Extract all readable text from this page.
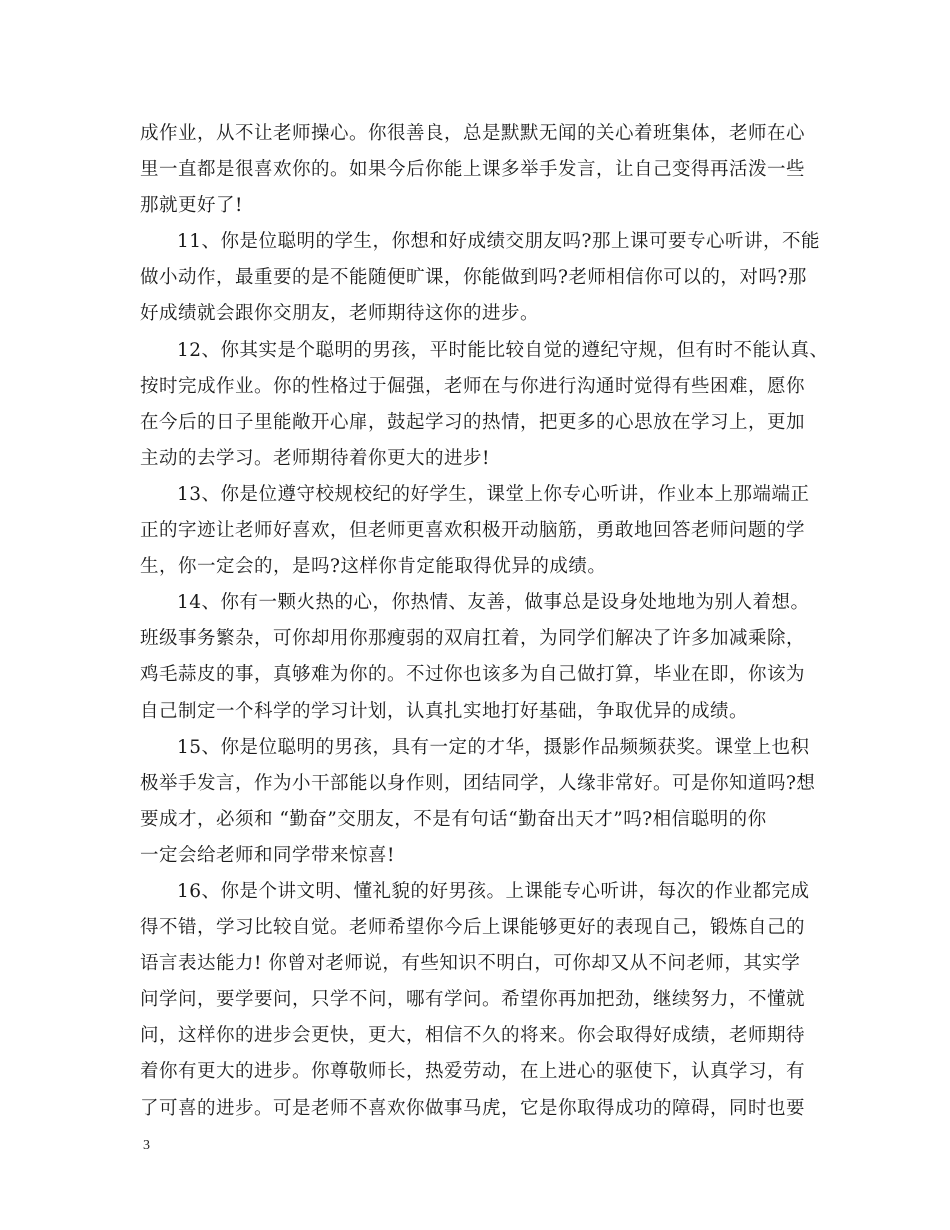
成作业，从不让老师操心。你很善良，总是默默无闻的关心着班集体，老师在心
里一直都是很喜欢你的。如果今后你能上课多举手发言，让自己变得再活泼一些
那就更好了!
11、你是位聪明的学生，你想和好成绩交朋友吗?那上课可要专心听讲，不能
做小动作，最重要的是不能随便旷课，你能做到吗?老师相信你可以的，对吗?那
好成绩就会跟你交朋友，老师期待这你的进步。
12、你其实是个聪明的男孩，平时能比较自觉的遵纪守规，但有时不能认真、
按时完成作业。你的性格过于倔强，老师在与你进行沟通时觉得有些困难，愿你
在今后的日子里能敞开心扉，鼓起学习的热情，把更多的心思放在学习上，更加
主动的去学习。老师期待着你更大的进步!
13、你是位遵守校规校纪的好学生，课堂上你专心听讲，作业本上那端端正
正的字迹让老师好喜欢，但老师更喜欢积极开动脑筋，勇敢地回答老师问题的学
生，你一定会的，是吗?这样你肯定能取得优异的成绩。
14、你有一颗火热的心，你热情、友善，做事总是设身处地地为别人着想。
班级事务繁杂，可你却用你那瘦弱的双肩扛着，为同学们解决了许多加减乘除，
鸡毛蒜皮的事，真够难为你的。不过你也该多为自己做打算，毕业在即，你该为
自己制定一个科学的学习计划，认真扎实地打好基础，争取优异的成绩。
15、你是位聪明的男孩，具有一定的才华，摄影作品频频获奖。课堂上也积
极举手发言，作为小干部能以身作则，团结同学，人缘非常好。可是你知道吗?想
要成才，必须和 “勤奋”交朋友，不是有句话“勤奋出天才”吗?相信聪明的你
一定会给老师和同学带来惊喜!
16、你是个讲文明、懂礼貌的好男孩。上课能专心听讲，每次的作业都完成
得不错，学习比较自觉。老师希望你今后上课能够更好的表现自己，锻炼自己的
语言表达能力! 你曾对老师说，有些知识不明白，可你却又从不问老师，其实学
问学问，要学要问，只学不问，哪有学问。希望你再加把劲，继续努力，不懂就
问，这样你的进步会更快，更大，相信不久的将来。你会取得好成绩，老师期待
着你有更大的进步。你尊敬师长，热爱劳动，在上进心的驱使下，认真学习，有
了可喜的进步。可是老师不喜欢你做事马虎，它是你取得成功的障碍，同时也要
3
